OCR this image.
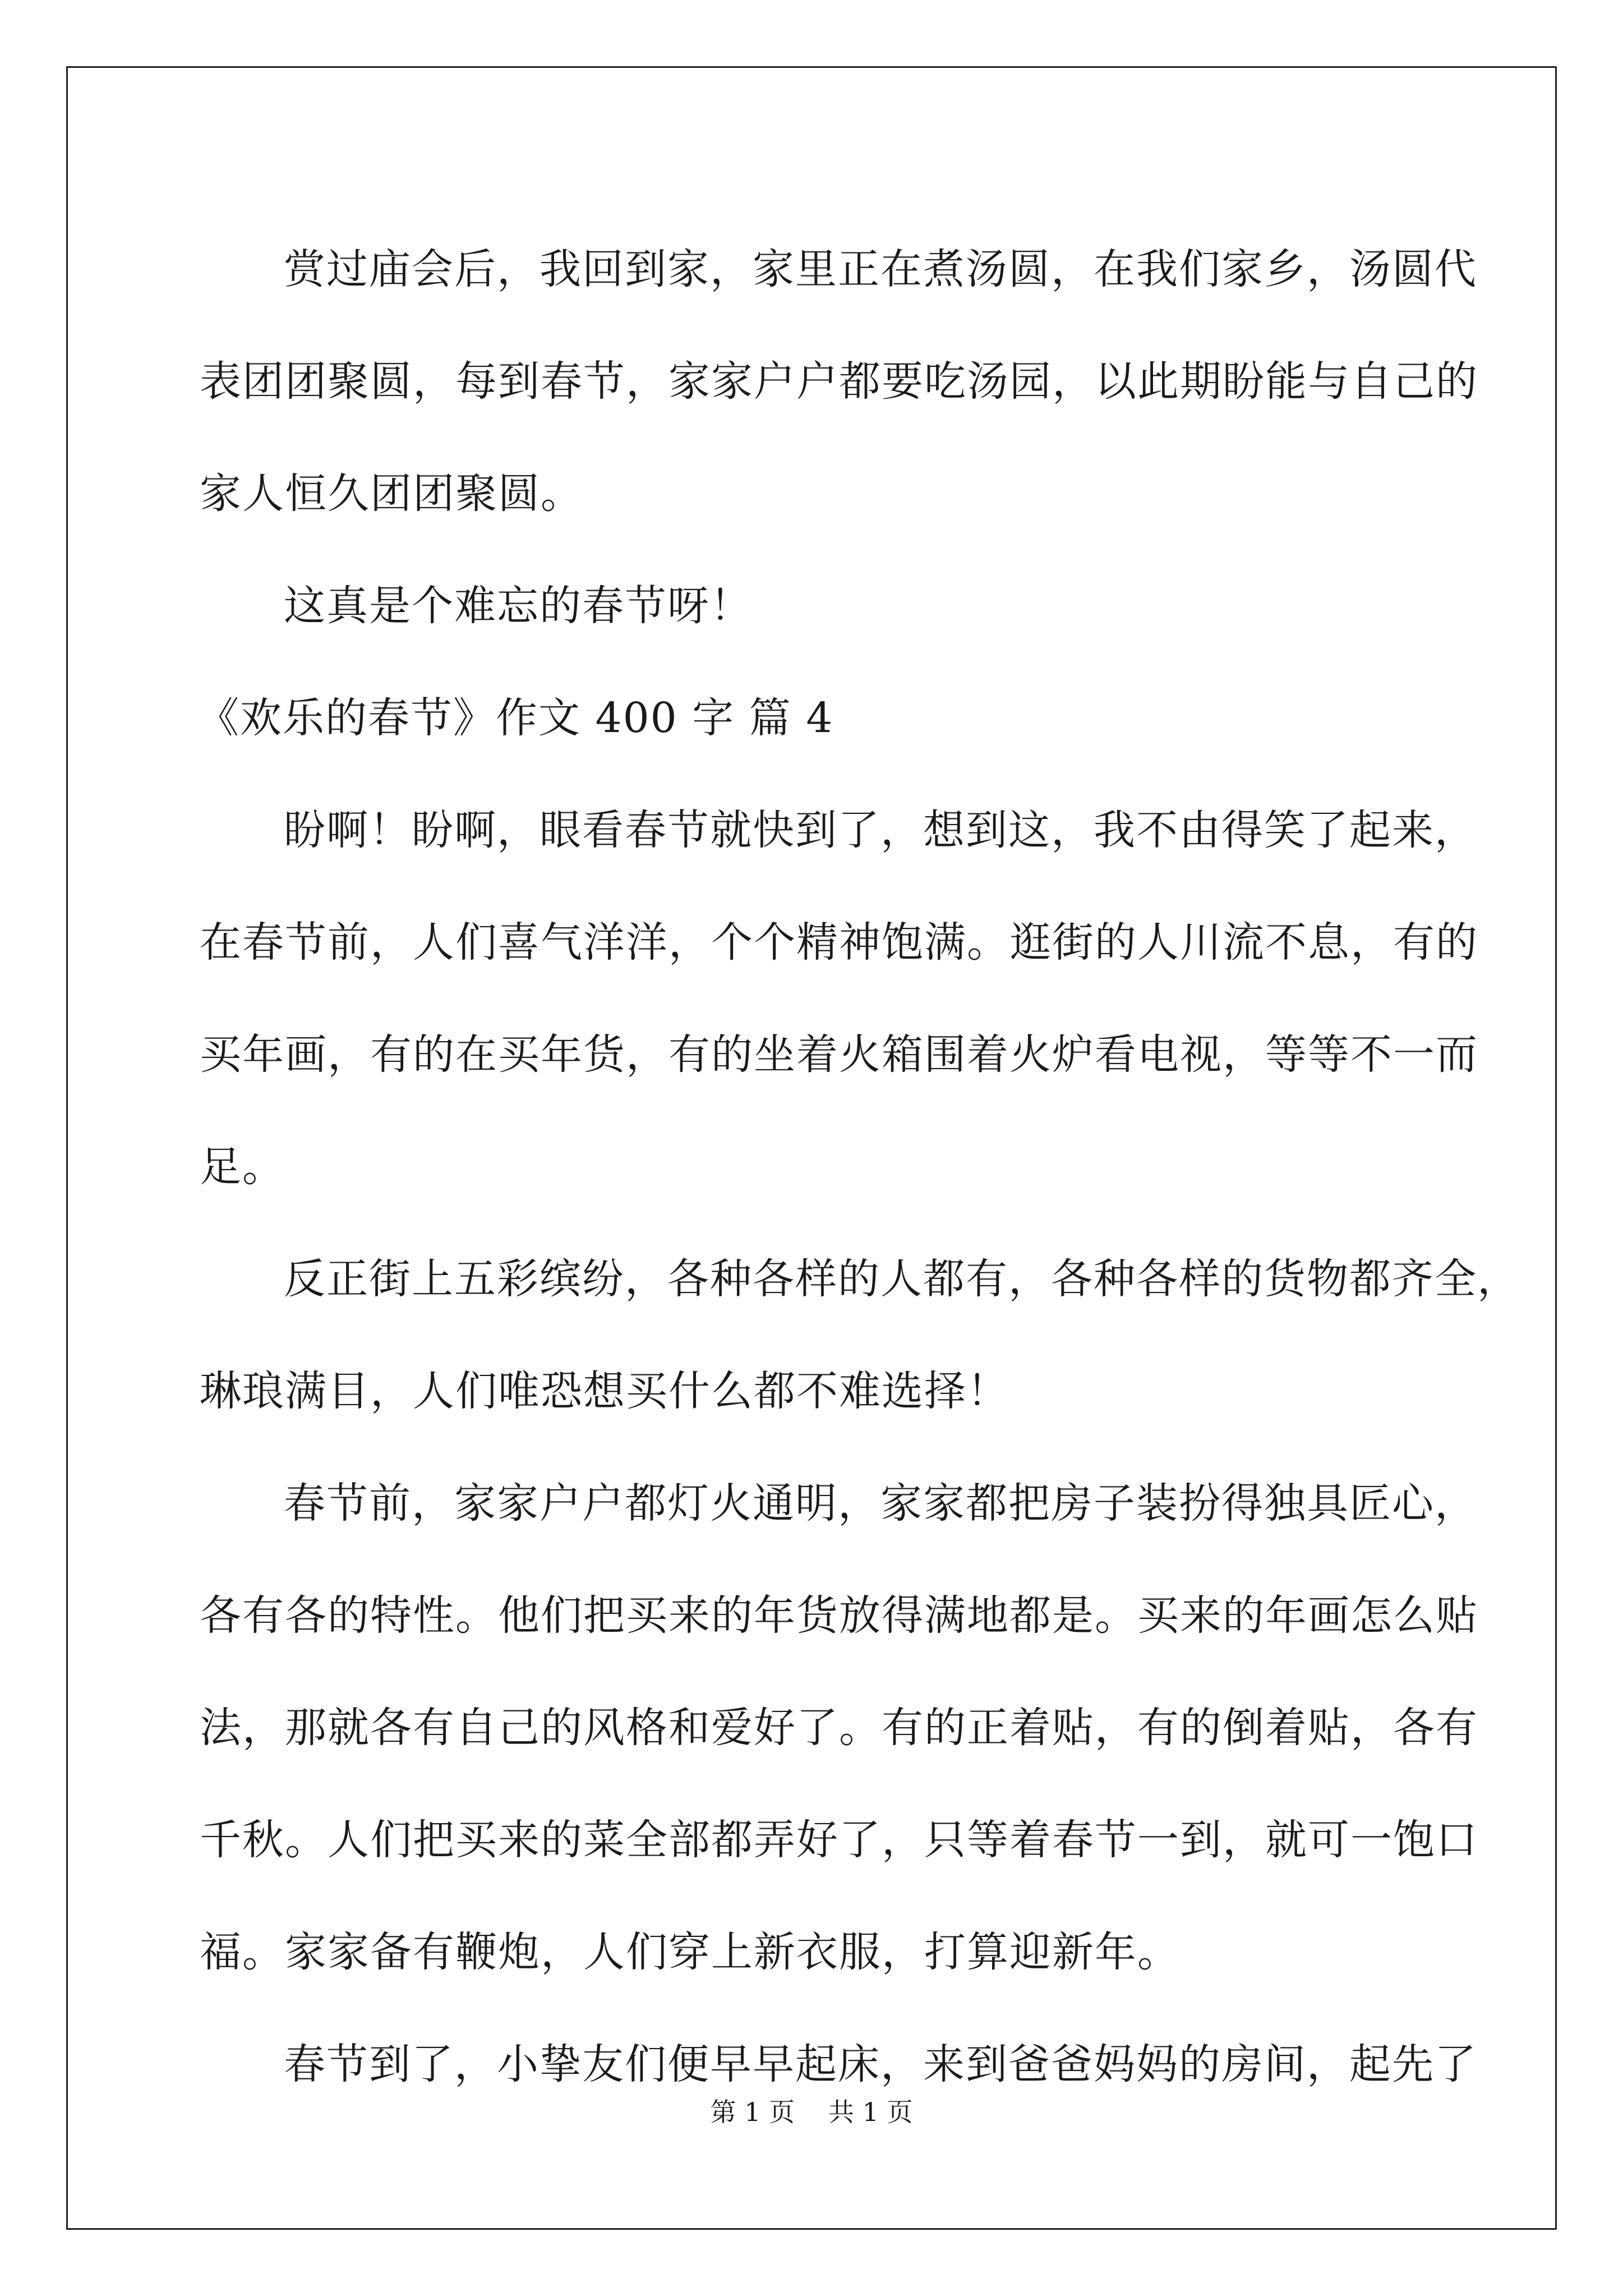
赏过庙会后，我回到家，家里正在煮汤圆，在我们家乡，汤圆代
表团团聚圆，每到春节，家家户户都要吃汤园，以此期盼能与自己的
家人恒久团团聚圆。
这真是个难忘的春节呀！
《欢乐的春节》作文 400 字 篇 4
盼啊！盼啊，眼看春节就快到了，想到这，我不由得笑了起来，
在春节前，人们喜气洋洋，个个精神饱满。逛街的人川流不息，有的
买年画，有的在买年货，有的坐着火箱围着火炉看电视，等等不一而
足。
反正街上五彩缤纷，各种各样的人都有，各种各样的货物都齐全，
琳琅满目，人们唯恐想买什么都不难选择！
春节前，家家户户都灯火通明，家家都把房子装扮得独具匠心，
各有各的特性。他们把买来的年货放得满地都是。买来的年画怎么贴
法，那就各有自己的风格和爱好了。有的正着贴，有的倒着贴，各有
千秋。人们把买来的菜全部都弄好了，只等着春节一到，就可一饱口
福。家家备有鞭炮，人们穿上新衣服，打算迎新年。
春节到了，小挚友们便早早起床，来到爸爸妈妈的房间，起先了
第 1 页 共 1 页
